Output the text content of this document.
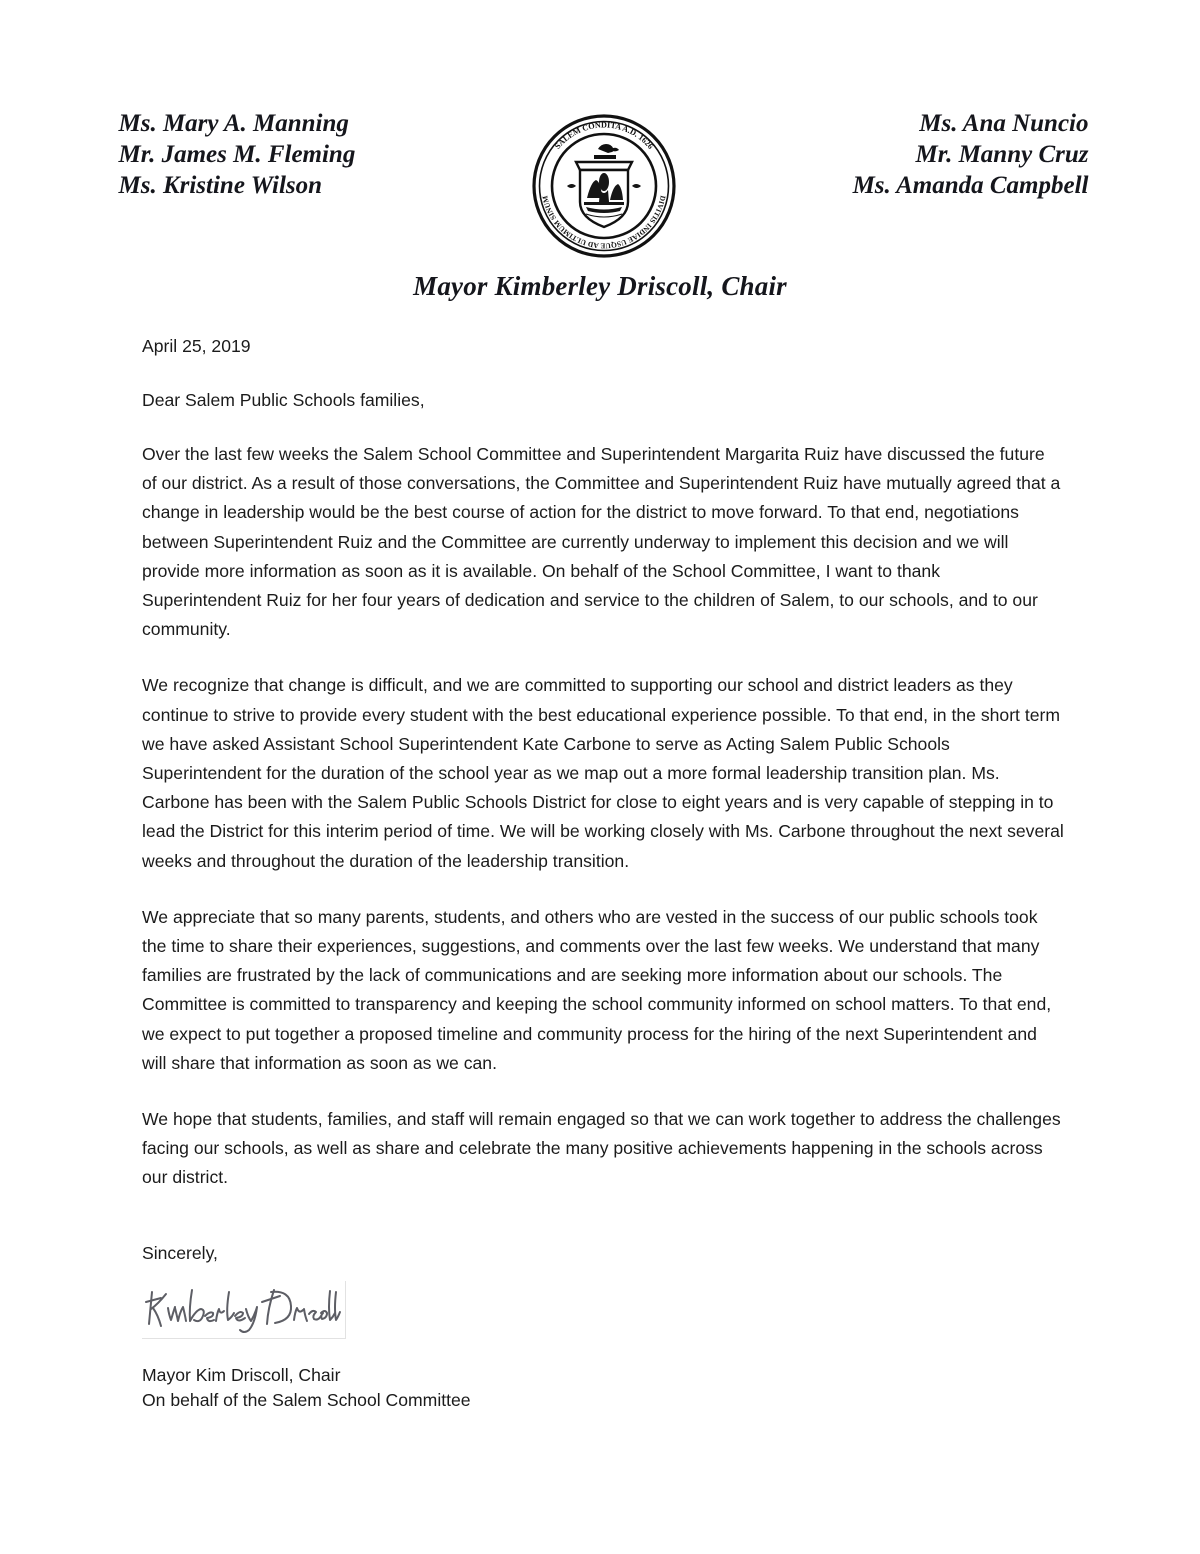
Ms. Mary A. Manning
Mr. James M. Fleming
Ms. Kristine Wilson
SALEM CONDITA A.D. 1626
DIVITIS INDIAE USQUE AD ULTIMUM SINUM
Ms. Ana Nuncio
Mr. Manny Cruz
Ms. Amanda Campbell
Mayor Kimberley Driscoll, Chair
April 25, 2019
Dear Salem Public Schools families,

Over the last few weeks the Salem School Committee and Superintendent Margarita Ruiz have discussed the future of our district. As a result of those conversations, the Committee and Superintendent Ruiz have mutually agreed that a change in leadership would be the best course of action for the district to move forward. To that end, negotiations between Superintendent Ruiz and the Committee are currently underway to implement this decision and we will provide more information as soon as it is available. On behalf of the School Committee, I want to thank Superintendent Ruiz for her four years of dedication and service to the children of Salem, to our schools, and to our community.

We recognize that change is difficult, and we are committed to supporting our school and district leaders as they continue to strive to provide every student with the best educational experience possible. To that end, in the short term we have asked Assistant School Superintendent Kate Carbone to serve as Acting Salem Public Schools Superintendent for the duration of the school year as we map out a more formal leadership transition plan. Ms. Carbone has been with the Salem Public Schools District for close to eight years and is very capable of stepping in to lead the District for this interim period of time. We will be working closely with Ms. Carbone throughout the next several weeks and throughout the duration of the leadership transition.

We appreciate that so many parents, students, and others who are vested in the success of our public schools took the time to share their experiences, suggestions, and comments over the last few weeks. We understand that many families are frustrated by the lack of communications and are seeking more information about our schools. The Committee is committed to transparency and keeping the school community informed on school matters. To that end, we expect to put together a proposed timeline and community process for the hiring of the next Superintendent and will share that information as soon as we can.

We hope that students, families, and staff will remain engaged so that we can work together to address the challenges facing our schools, as well as share and celebrate the many positive achievements happening in the schools across our district.

Sincerely,
Mayor Kim Driscoll, Chair
On behalf of the Salem School Committee
